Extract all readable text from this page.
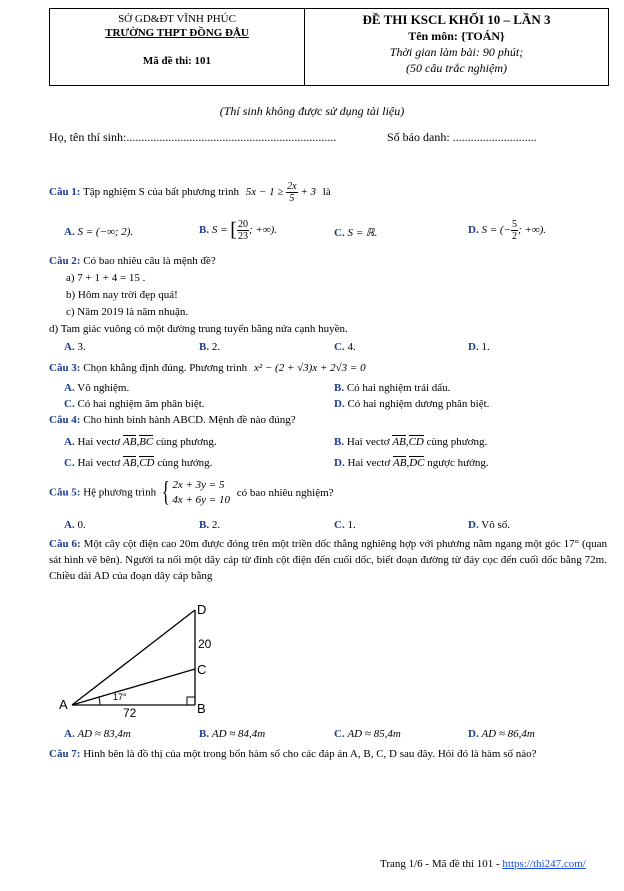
SỞ GD&ĐT VĨNH PHÚC
TRƯỜNG THPT ĐỒNG ĐẬU
Mã đề thi: 101
ĐỀ THI KSCL KHỐI 10 – LẦN 3
Tên môn: {TOÁN}
Thời gian làm bài: 90 phút;
(50 câu trắc nghiệm)
(Thí sinh không được sử dụng tài liệu)
Họ, tên thí sinh:......................................................................	Số báo danh: ............................
Câu 1: Tập nghiệm S của bất phương trình $5x - 1 \ge \frac{2x}{5} + 3$ là
A. S = (−∞; 2).	B. S = [ $\frac{20}{23}$ ; +∞).	C. S = ℝ.	D. S = (− $\frac{5}{2}$ ; +∞).
Câu 2: Có bao nhiêu câu là mệnh đề?
a) 7 + 1 + 4 = 15 .
b) Hôm nay trời đẹp quá!
c) Năm 2019 là năm nhuận.
d) Tam giác vuông có một đường trung tuyến bằng nửa cạnh huyền.
A. 3.	B. 2.	C. 4.	D. 1.
Câu 3: Chọn khẳng định đúng. Phương trình x² − (2 + √3)x + 2√3 = 0
A. Vô nghiệm.	B. Có hai nghiệm trái dấu.
C. Có hai nghiệm âm phân biệt.	D. Có hai nghiệm dương phân biệt.
Câu 4: Cho hình bình hành ABCD. Mệnh đề nào đúng?
A. Hai vectơ AB,BC cùng phương.	B. Hai vectơ AB,CD cùng phương.
C. Hai vectơ AB,CD cùng hướng.	D. Hai vectơ AB,DC ngược hướng.
Câu 5: Hệ phương trình { 2x + 3y = 5
4x + 6y = 10
có bao nhiêu nghiệm?
A. 0.	B. 2.	C. 1.	D. Vô số.
Câu 6: Một cây cột điện cao 20m được đóng trên một triền dốc thẳng nghiêng hợp với phương nằm ngang một góc 17° (quan sát hình vẽ bên). Người ta nối một dây cáp từ đỉnh cột điện đến cuối dốc, biết đoạn đường từ đáy cọc đến cuối dốc bằng 72m. Chiều dài AD của đoạn dây cáp bằng
D
C
A	B
20
72
17°
A. AD ≈ 83,4m	B. AD ≈ 84,4m	C. AD ≈ 85,4m	D. AD ≈ 86,4m
Câu 7: Hình bên là đồ thị của một trong bốn hàm số cho các đáp án A, B, C, D sau đây. Hỏi đó là hàm số nào?
Trang 1/6 - Mã đề thi 101 - https://thi247.com/
